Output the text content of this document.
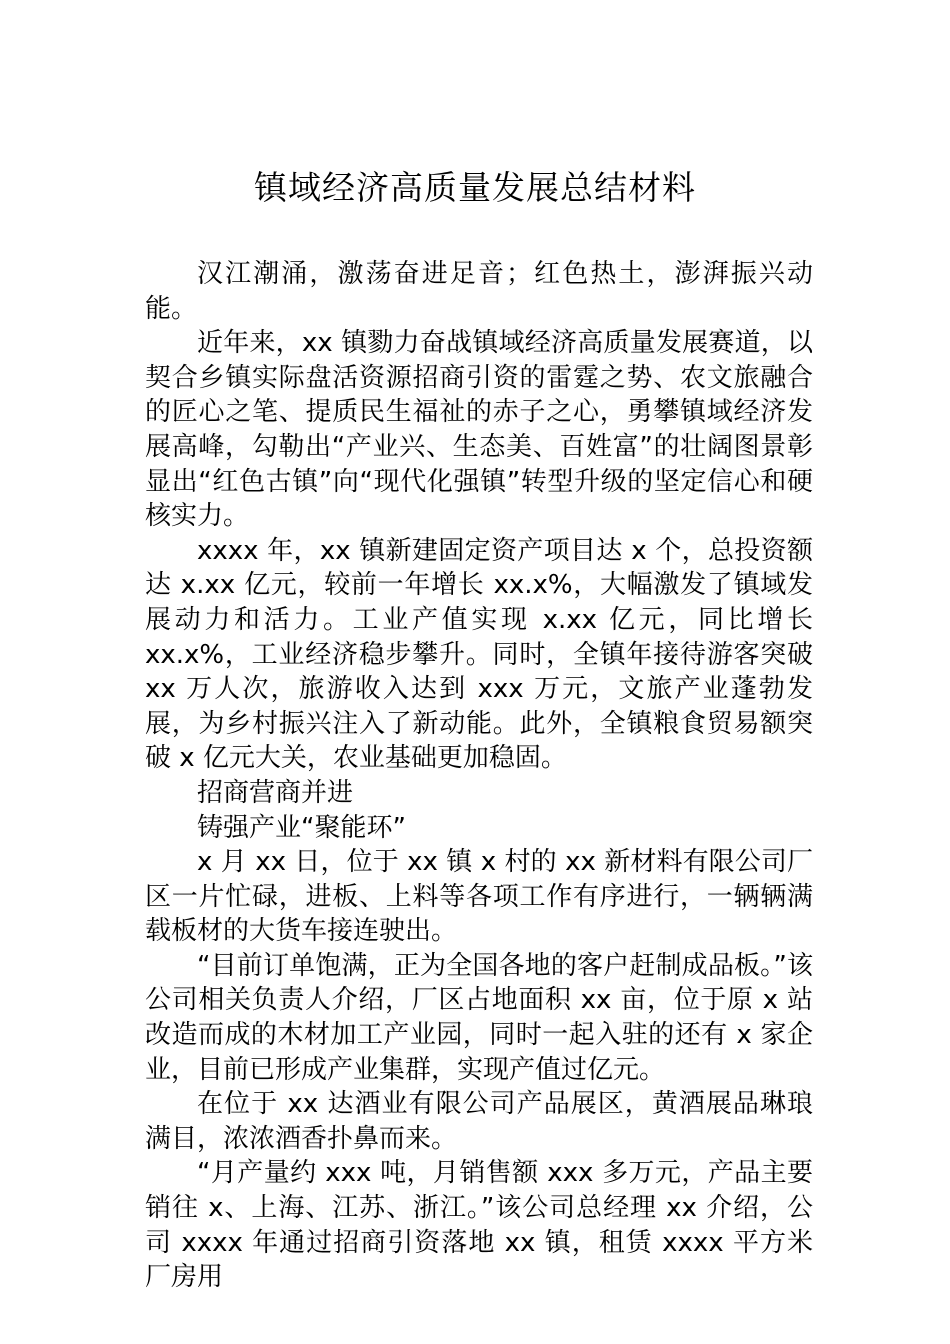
镇域经济高质量发展总结材料

汉江潮涌，激荡奋进足音；红色热土，澎湃振兴动能。

近年来，xx 镇勠力奋战镇域经济高质量发展赛道，以契合乡镇实际盘活资源招商引资的雷霆之势、农文旅融合的匠心之笔、提质民生福祉的赤子之心，勇攀镇域经济发展高峰，勾勒出“产业兴、生态美、百姓富”的壮阔图景彰显出“红色古镇”向“现代化强镇”转型升级的坚定信心和硬核实力。

xxxx 年，xx 镇新建固定资产项目达 x 个，总投资额达 x.xx 亿元，较前一年增长 xx.x%，大幅激发了镇域发展动力和活力。工业产值实现 x.xx 亿元，同比增长 xx.x%，工业经济稳步攀升。同时，全镇年接待游客突破 xx 万人次，旅游收入达到 xxx 万元，文旅产业蓬勃发展，为乡村振兴注入了新动能。此外，全镇粮食贸易额突破 x 亿元大关，农业基础更加稳固。

招商营商并进

铸强产业“聚能环”

x 月 xx 日，位于 xx 镇 x 村的 xx 新材料有限公司厂区一片忙碌，进板、上料等各项工作有序进行，一辆辆满载板材的大货车接连驶出。

“目前订单饱满，正为全国各地的客户赶制成品板。”该公司相关负责人介绍，厂区占地面积 xx 亩，位于原 x 站改造而成的木材加工产业园，同时一起入驻的还有 x 家企业，目前已形成产业集群，实现产值过亿元。

在位于 xx 达酒业有限公司产品展区，黄酒展品琳琅满目，浓浓酒香扑鼻而来。

“月产量约 xxx 吨，月销售额 xxx 多万元，产品主要销往 x、上海、江苏、浙江。”该公司总经理 xx 介绍，公司 xxxx 年通过招商引资落地 xx 镇，租赁 xxxx 平方米厂房用
